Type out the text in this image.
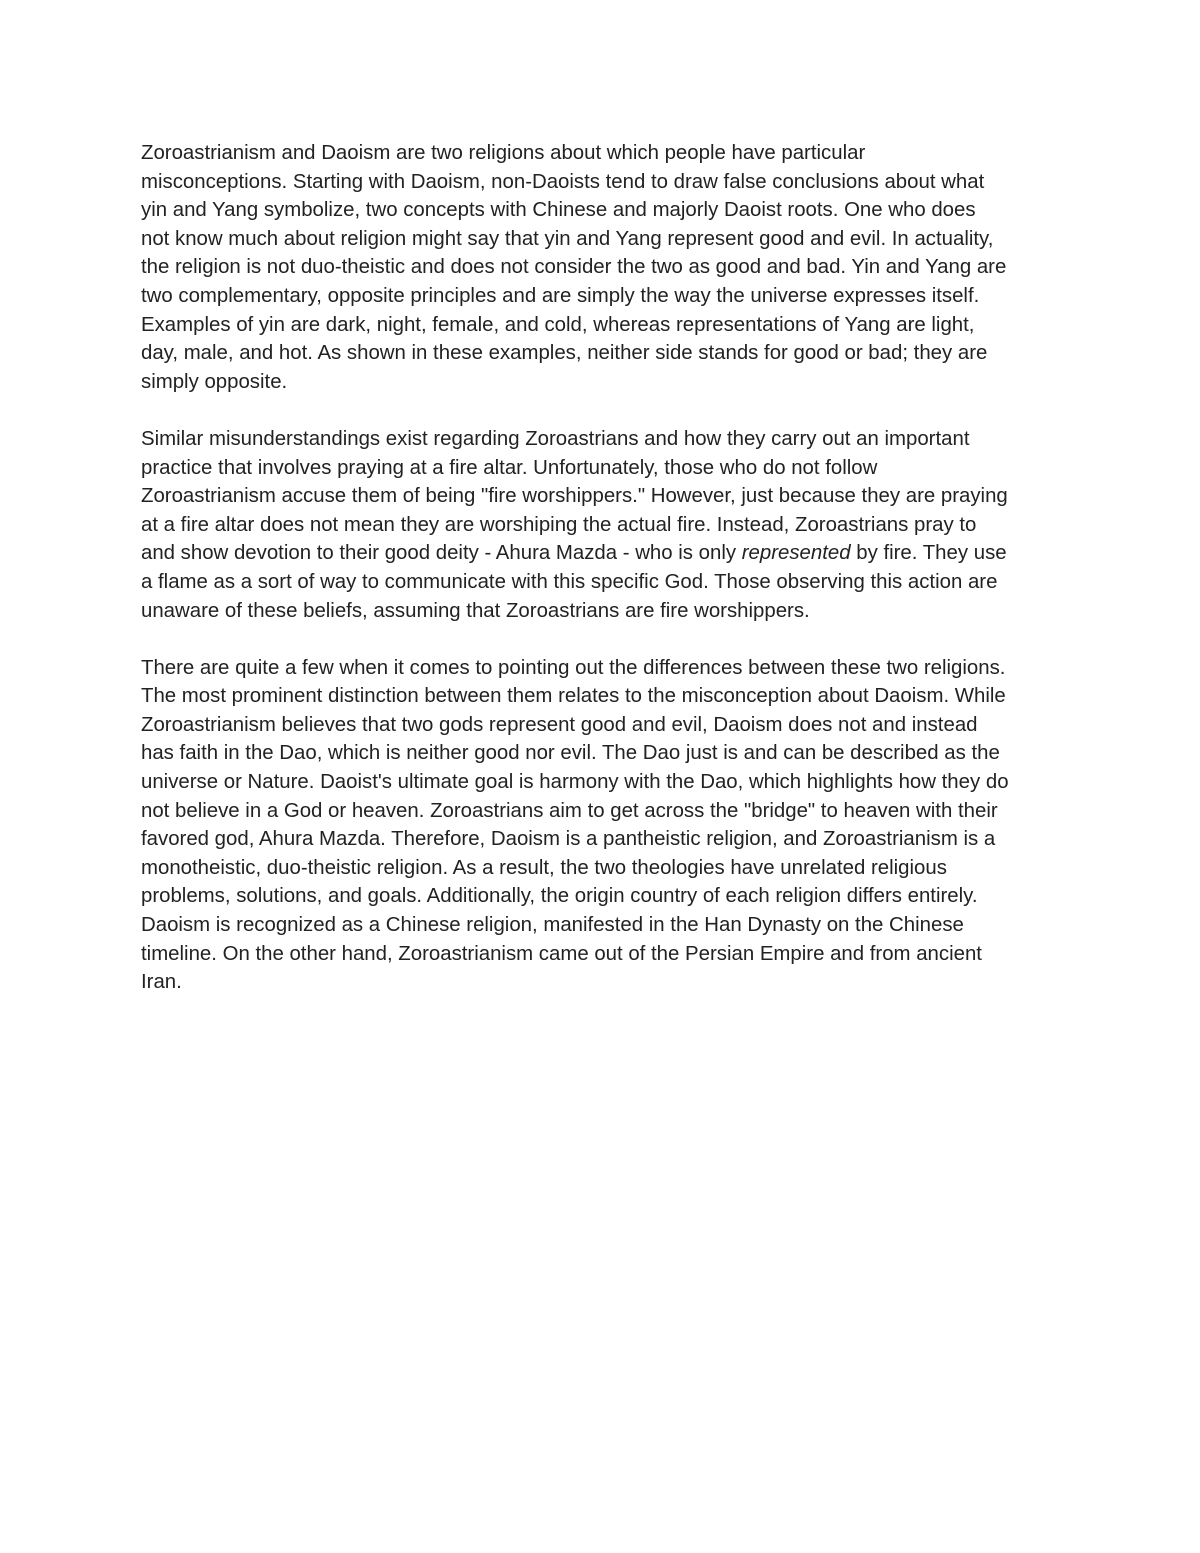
Zoroastrianism and Daoism are two religions about which people have particular
misconceptions. Starting with Daoism, non-Daoists tend to draw false conclusions about what
yin and Yang symbolize, two concepts with Chinese and majorly Daoist roots. One who does
not know much about religion might say that yin and Yang represent good and evil. In actuality,
the religion is not duo-theistic and does not consider the two as good and bad. Yin and Yang are
two complementary, opposite principles and are simply the way the universe expresses itself.
Examples of yin are dark, night, female, and cold, whereas representations of Yang are light,
day, male, and hot. As shown in these examples, neither side stands for good or bad; they are
simply opposite.

Similar misunderstandings exist regarding Zoroastrians and how they carry out an important
practice that involves praying at a fire altar. Unfortunately, those who do not follow
Zoroastrianism accuse them of being "fire worshippers." However, just because they are praying
at a fire altar does not mean they are worshiping the actual fire. Instead, Zoroastrians pray to
and show devotion to their good deity - Ahura Mazda - who is only represented by fire. They use
a flame as a sort of way to communicate with this specific God. Those observing this action are
unaware of these beliefs, assuming that Zoroastrians are fire worshippers.

There are quite a few when it comes to pointing out the differences between these two religions.
The most prominent distinction between them relates to the misconception about Daoism. While
Zoroastrianism believes that two gods represent good and evil, Daoism does not and instead
has faith in the Dao, which is neither good nor evil. The Dao just is and can be described as the
universe or Nature. Daoist's ultimate goal is harmony with the Dao, which highlights how they do
not believe in a God or heaven. Zoroastrians aim to get across the "bridge" to heaven with their
favored god, Ahura Mazda. Therefore, Daoism is a pantheistic religion, and Zoroastrianism is a
monotheistic, duo-theistic religion. As a result, the two theologies have unrelated religious
problems, solutions, and goals. Additionally, the origin country of each religion differs entirely.
Daoism is recognized as a Chinese religion, manifested in the Han Dynasty on the Chinese
timeline. On the other hand, Zoroastrianism came out of the Persian Empire and from ancient
Iran.
